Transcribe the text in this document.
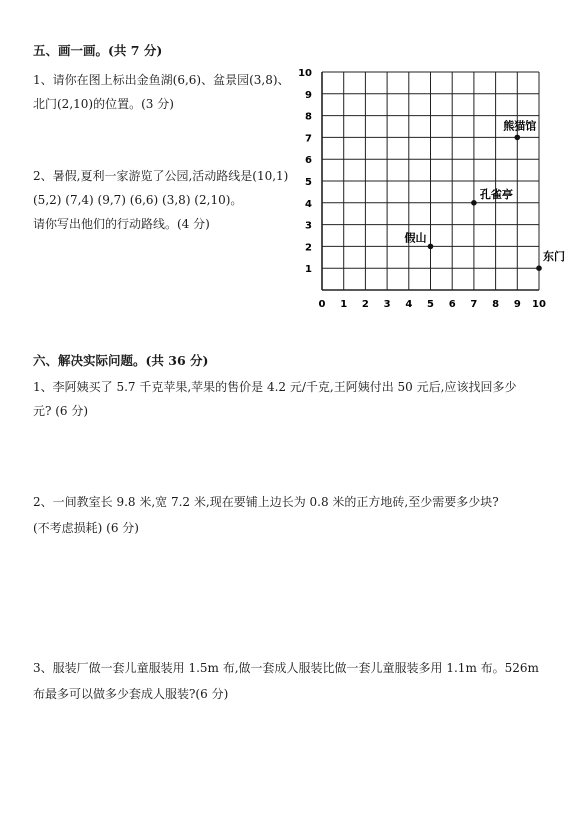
五、画一画。(共 7 分)
1、请你在图上标出金鱼湖(6,6)、盆景园(3,8)、
北门(2,10)的位置。(3 分)
2、暑假,夏利一家游览了公园,活动路线是(10,1)
(5,2) (7,4) (9,7) (6,6) (3,8) (2,10)。
请你写出他们的行动路线。(4 分)
0 1 2 3 4 5 6 7 8 9 10
1
2
3
4
5
6
7
8
9
10
熊猫馆
孔雀亭
假山
东门
六、解决实际问题。(共 36 分)
1、李阿姨买了 5.7 千克苹果,苹果的售价是 4.2 元/千克,王阿姨付出 50 元后,应该找回多少
元? (6 分)
2、一间教室长 9.8 米,宽 7.2 米,现在要铺上边长为 0.8 米的正方地砖,至少需要多少块?
(不考虑损耗) (6 分)
3、服装厂做一套儿童服装用 1.5m 布,做一套成人服装比做一套儿童服装多用 1.1m 布。526m
布最多可以做多少套成人服装?(6 分)
